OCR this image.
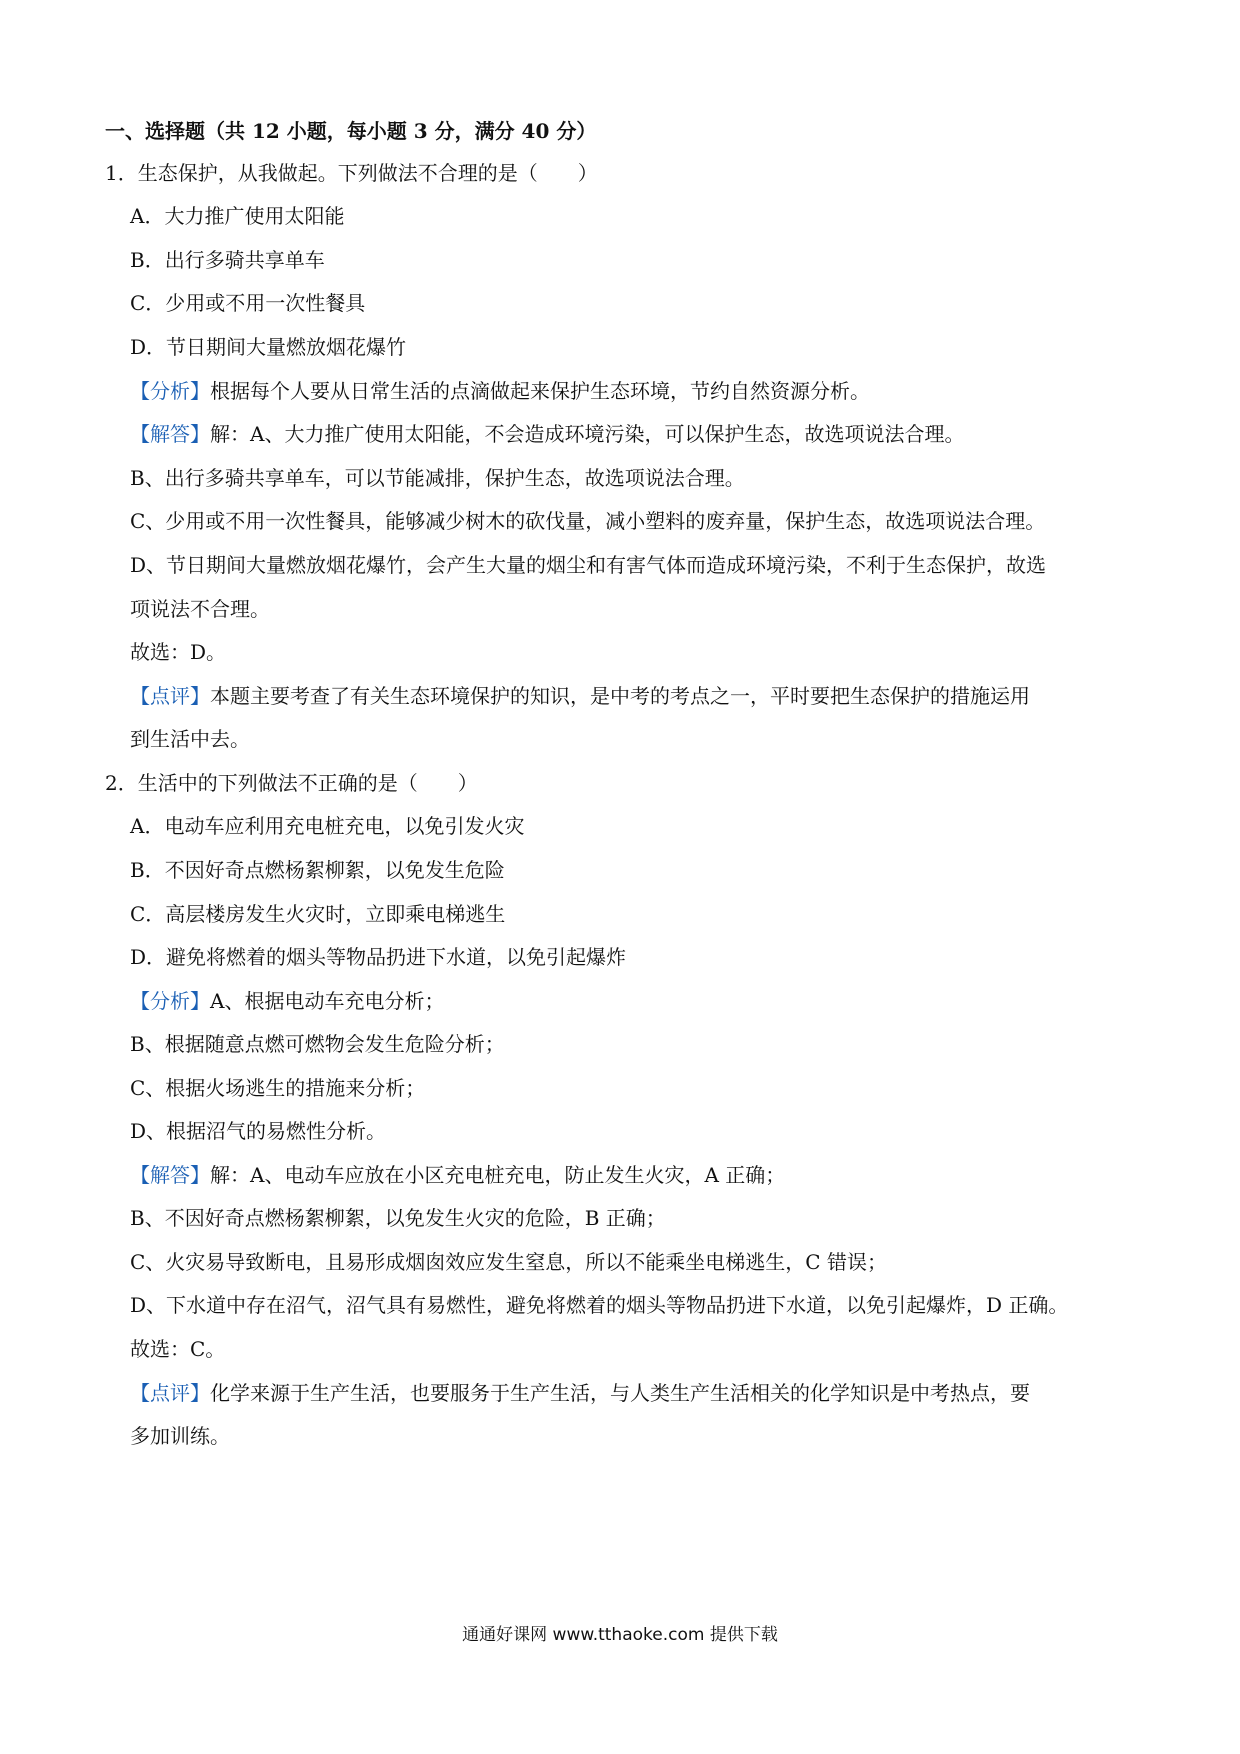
一、选择题（共 12 小题，每小题 3 分，满分 40 分）
1．生态保护，从我做起。下列做法不合理的是（　　）
A．大力推广使用太阳能
B．出行多骑共享单车
C．少用或不用一次性餐具
D．节日期间大量燃放烟花爆竹
【分析】根据每个人要从日常生活的点滴做起来保护生态环境，节约自然资源分析。
【解答】解：A、大力推广使用太阳能，不会造成环境污染，可以保护生态，故选项说法合理。
B、出行多骑共享单车，可以节能减排，保护生态，故选项说法合理。
C、少用或不用一次性餐具，能够减少树木的砍伐量，减小塑料的废弃量，保护生态，故选项说法合理。
D、节日期间大量燃放烟花爆竹，会产生大量的烟尘和有害气体而造成环境污染，不利于生态保护，故选
项说法不合理。
故选：D。
【点评】本题主要考查了有关生态环境保护的知识，是中考的考点之一，平时要把生态保护的措施运用
到生活中去。
2．生活中的下列做法不正确的是（　　）
A．电动车应利用充电桩充电，以免引发火灾
B．不因好奇点燃杨絮柳絮，以免发生危险
C．高层楼房发生火灾时，立即乘电梯逃生
D．避免将燃着的烟头等物品扔进下水道，以免引起爆炸
【分析】A、根据电动车充电分析；
B、根据随意点燃可燃物会发生危险分析；
C、根据火场逃生的措施来分析；
D、根据沼气的易燃性分析。
【解答】解：A、电动车应放在小区充电桩充电，防止发生火灾，A 正确；
B、不因好奇点燃杨絮柳絮，以免发生火灾的危险，B 正确；
C、火灾易导致断电，且易形成烟囱效应发生窒息，所以不能乘坐电梯逃生，C 错误；
D、下水道中存在沼气，沼气具有易燃性，避免将燃着的烟头等物品扔进下水道，以免引起爆炸，D 正确。
故选：C。
【点评】化学来源于生产生活，也要服务于生产生活，与人类生产生活相关的化学知识是中考热点，要
多加训练。
通通好课网 www.tthaoke.com 提供下载
